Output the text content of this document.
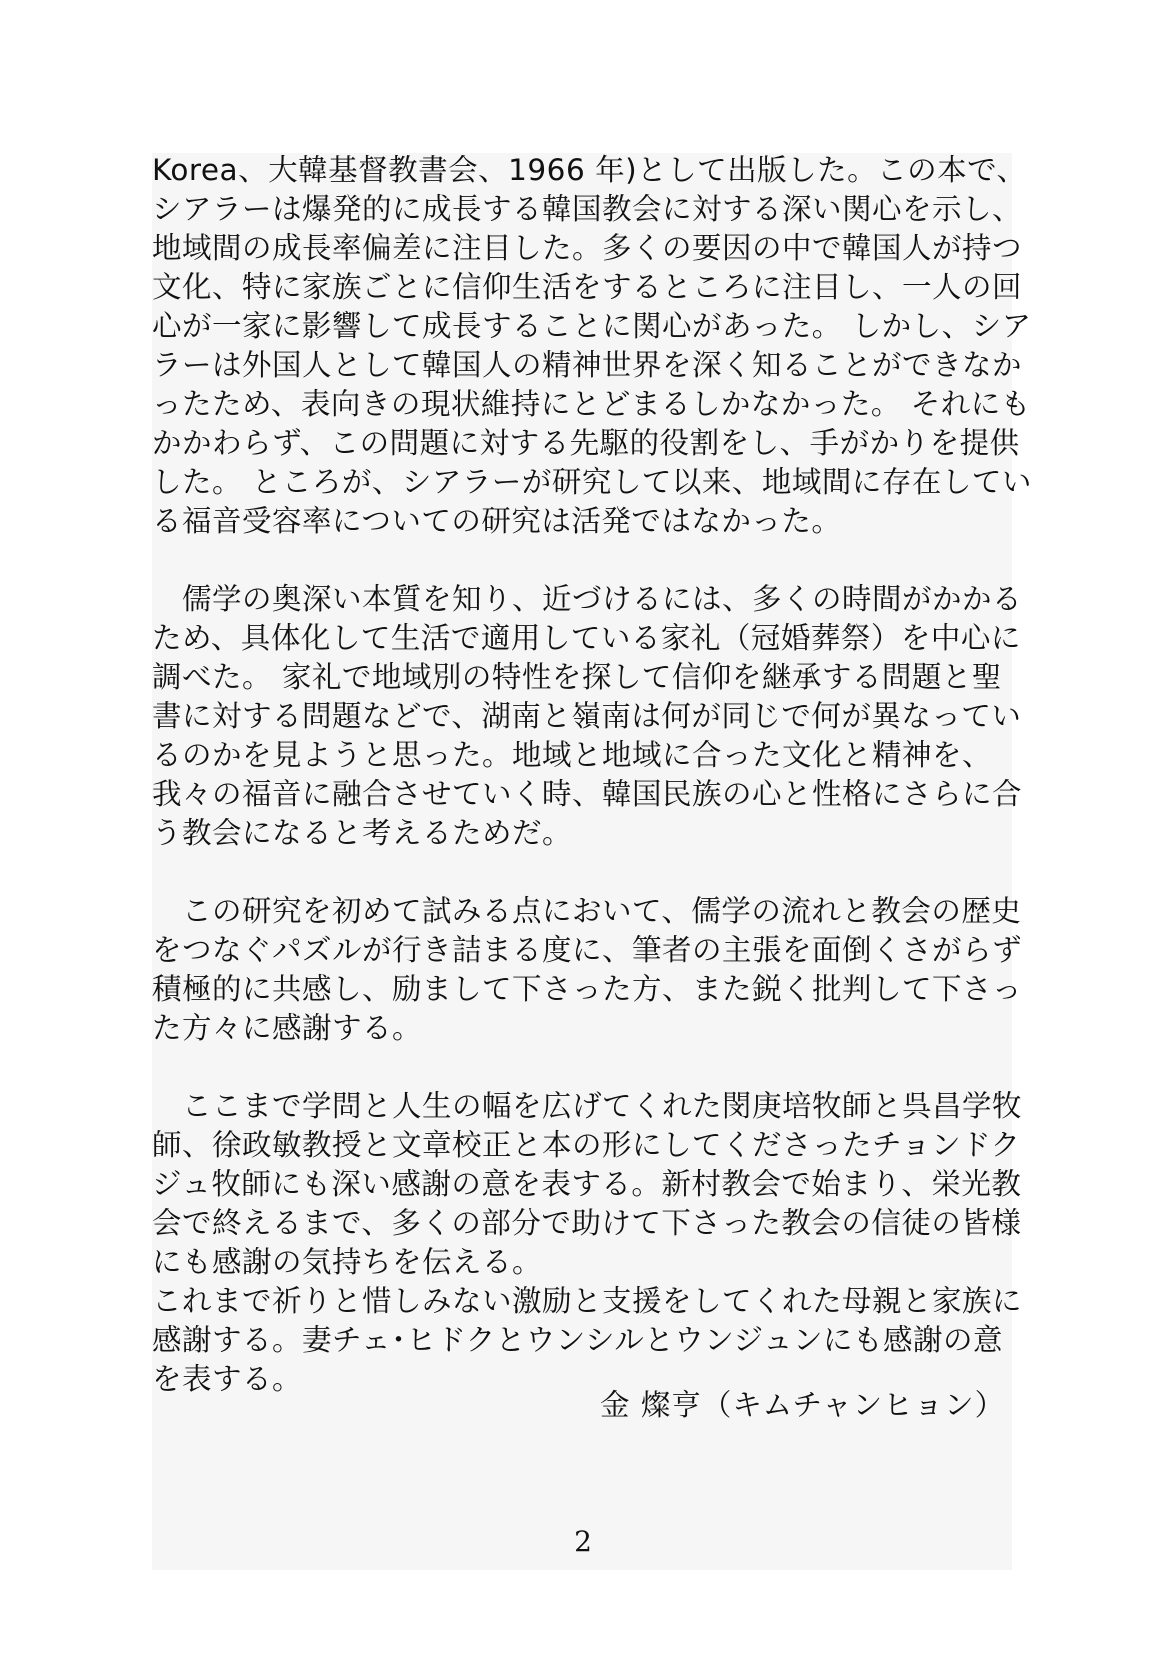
Korea、大韓基督教書会、1966 年)として出版した。この本で、
シアラーは爆発的に成長する韓国教会に対する深い関心を示し、
地域間の成長率偏差に注目した。多くの要因の中で韓国人が持つ
文化、特に家族ごとに信仰生活をするところに注目し、一人の回
心が一家に影響して成長することに関心があった。 しかし、シア
ラーは外国人として韓国人の精神世界を深く知ることができなか
ったため、表向きの現状維持にとどまるしかなかった。 それにも
かかわらず、この問題に対する先駆的役割をし、手がかりを提供
した。 ところが、シアラーが研究して以来、地域間に存在してい
る福音受容率についての研究は活発ではなかった。
儒学の奥深い本質を知り、近づけるには、多くの時間がかかる
ため、具体化して生活で適用している家礼（冠婚葬祭）を中心に
調べた。 家礼で地域別の特性を探して信仰を継承する問題と聖
書に対する問題などで、湖南と嶺南は何が同じで何が異なってい
るのかを見ようと思った。地域と地域に合った文化と精神を、
我々の福音に融合させていく時、韓国民族の心と性格にさらに合
う教会になると考えるためだ。
この研究を初めて試みる点において、儒学の流れと教会の歴史
をつなぐパズルが行き詰まる度に、筆者の主張を面倒くさがらず
積極的に共感し、励まして下さった方、また鋭く批判して下さっ
た方々に感謝する。
ここまで学問と人生の幅を広げてくれた閔庚培牧師と呉昌学牧
師、徐政敏教授と文章校正と本の形にしてくださったチョンドク
ジュ牧師にも深い感謝の意を表する。新村教会で始まり、栄光教
会で終えるまで、多くの部分で助けて下さった教会の信徒の皆様
にも感謝の気持ちを伝える。
これまで祈りと惜しみない激励と支援をしてくれた母親と家族に
感謝する。妻チェ･ヒドクとウンシルとウンジュンにも感謝の意
を表する。
金 燦亨（キムチャンヒョン）
2
